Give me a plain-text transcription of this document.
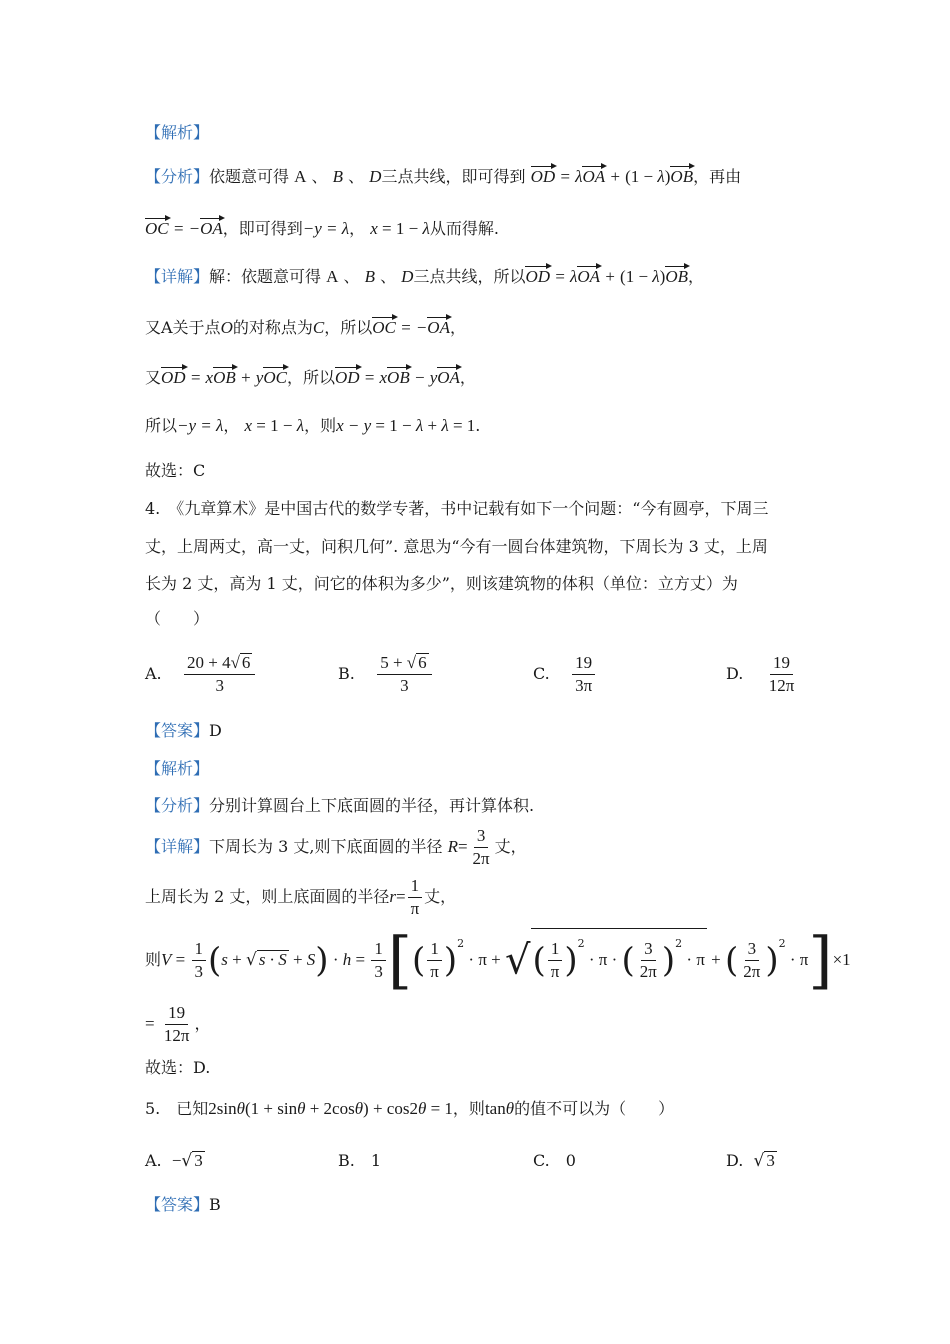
【解析】
【分析】依题意可得 A 、 B 、 D三点共线，即可得到 OD = λOA + (1 − λ)OB，再由
OC = −OA，即可得到−y = λ， x = 1 − λ从而得解.
【详解】解：依题意可得 A 、 B 、 D三点共线，所以OD = λOA + (1 − λ)OB，
又A关于点O的对称点为C，所以OC = −OA，
又OD = xOB + yOC，所以OD = xOB − yOA，
所以−y = λ， x = 1 − λ，则x − y = 1 − λ + λ = 1.
故选：C
4.　《九章算术》是中国古代的数学专著，书中记载有如下一个问题：“今有圆亭，下周三
丈，上周两丈，高一丈，问积几何”. 意思为“今有一圆台体建筑物，下周长为 3 丈，上周
长为 2 丈，高为 1 丈，问它的体积为多少”，则该建筑物的体积（单位：立方丈）为
（　　）
A. $\frac{20 + 4√ 6}{3}$	B. $\frac{5 + √ 6}{3}$	C. $\frac{19}{3\pi}$	D. $\frac{19}{12\pi}$
【答案】D
【解析】
【分析】分别计算圆台上下底面圆的半径，再计算体积.
【详解】下周长为 3 丈,则下底面圆的半径 $R= \frac{3}{2\pi}$ 丈，
上周长为 2 丈，则上底面圆的半径$r= \frac{1}{\pi}$ 丈，
则$V = \frac{1}{3} (s$ + √ $s \cdot S + S) \cdot h = \frac{1}{3}$ [( $\frac{1}{\pi} )^2 \cdot \pi$ + √( $\frac{1}{\pi} )^2 \cdot \pi$ · ( $\frac{3}{2\pi} )^2 \cdot \pi$ + ( $\frac{3}{2\pi} )^2 \cdot \pi]\times 1$
= $\frac{19}{12\pi}$ ，
故选：D.
5.　已知2sinθ(1 + sinθ + 2cosθ) + cos2θ = 1，则tanθ的值不可以为（　　）
A. −√ 3	B.　1	C.　0	D. √ 3
【答案】B
